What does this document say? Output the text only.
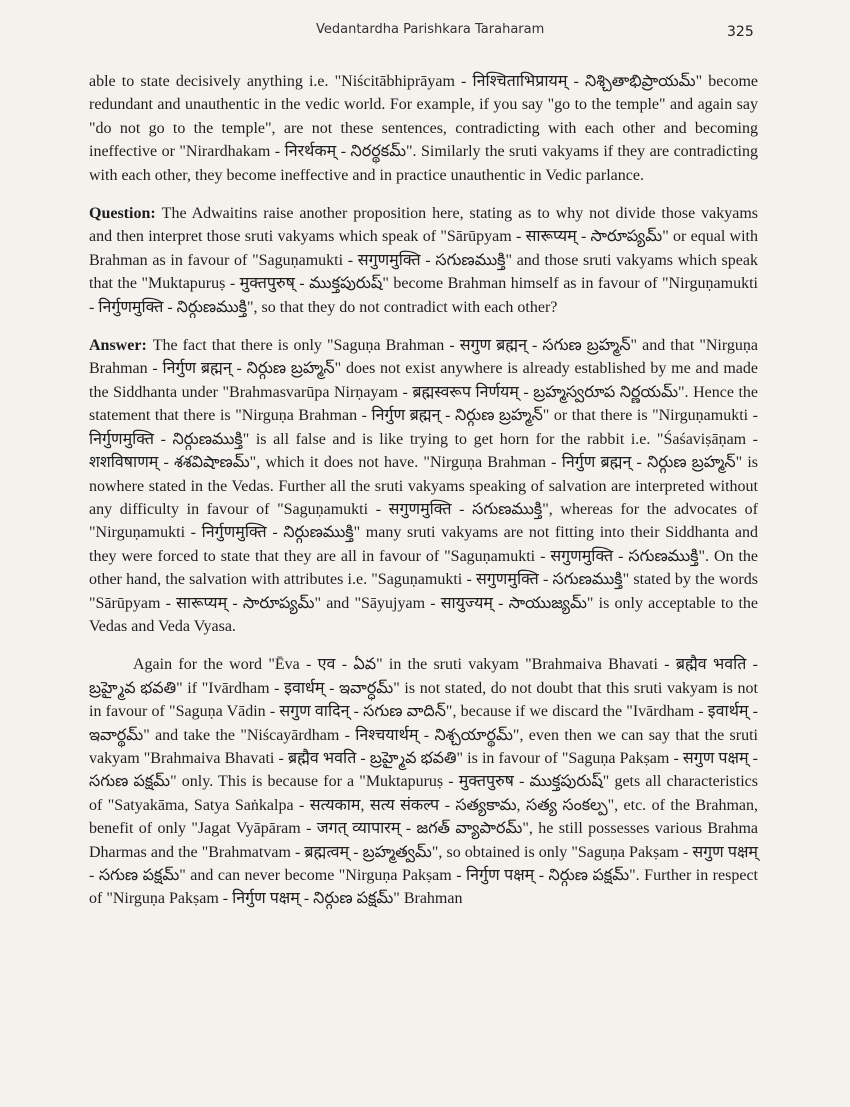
Vedantardha Parishkara Taraharam	325

able to state decisively anything i.e. "Niścitābhiprāyam - निश्चिताभिप्रायम् - నిశ్చితాభిప్రాయమ్" become redundant and unauthentic in the vedic world. For example, if you say "go to the temple" and again say "do not go to the temple", are not these sentences, contradicting with each other and becoming ineffective or "Nirardhakam - निरर्थकम् - నిరర్థకమ్". Similarly the sruti vakyams if they are contradicting with each other, they become ineffective and in practice unauthentic in Vedic parlance.

Question: The Adwaitins raise another proposition here, stating as to why not divide those vakyams and then interpret those sruti vakyams which speak of "Sārūpyam - सारूप्यम् - సారూప్యమ్" or equal with Brahman as in favour of "Saguṇamukti - सगुणमुक्ति - సగుణముక్తి" and those sruti vakyams which speak that the "Muktapuruṣ - मुक्तपुरुष् - ముక్తపురుష్" become Brahman himself as in favour of "Nirguṇamukti - निर्गुणमुक्ति - నిర్గుణముక్తి", so that they do not contradict with each other?

Answer: The fact that there is only "Saguṇa Brahman - सगुण ब्रह्मन् - సగుణ బ్రహ్మన్" and that "Nirguṇa Brahman - निर्गुण ब्रह्मन् - నిర్గుణ బ్రహ్మన్" does not exist anywhere is already established by me and made the Siddhanta under "Brahmasvarūpa Nirṇayam - ब्रह्मस्वरूप निर्णयम् - బ్రహ్మస్వరూప నిర్ణయమ్". Hence the statement that there is "Nirguṇa Brahman - निर्गुण ब्रह्मन् - నిర్గుణ బ్రహ్మన్" or that there is "Nirguṇamukti - निर्गुणमुक्ति - నిర్గుణముక్తి" is all false and is like trying to get horn for the rabbit i.e. "Śaśaviṣāṇam - शशविषाणम् - శశవిషాణమ్", which it does not have. "Nirguṇa Brahman - निर्गुण ब्रह्मन् - నిర్గుణ బ్రహ్మన్" is nowhere stated in the Vedas. Further all the sruti vakyams speaking of salvation are interpreted without any difficulty in favour of "Saguṇamukti - सगुणमुक्ति - సగుణముక్తి", whereas for the advocates of "Nirguṇamukti - निर्गुणमुक्ति - నిర్గుణముక్తి" many sruti vakyams are not fitting into their Siddhanta and they were forced to state that they are all in favour of "Saguṇamukti - सगुणमुक्ति - సగుణముక్తి". On the other hand, the salvation with attributes i.e. "Saguṇamukti - सगुणमुक्ति - సగుణముక్తి" stated by the words "Sārūpyam - सारूप्यम् - సారూప్యమ్" and "Sāyujyam - सायुज्यम् - సాయుజ్యమ్" is only acceptable to the Vedas and Veda Vyasa.

Again for the word "Ēva - एव - ఏవ" in the sruti vakyam "Brahmaiva Bhavati - ब्रह्मैव भवति - బ్రహ్మైవ భవతి" if "Ivārdham - इवार्धम् - ఇవార్ధమ్" is not stated, do not doubt that this sruti vakyam is not in favour of "Saguṇa Vādin - सगुण वादिन् - సగుణ వాదిన్", because if we discard the "Ivārdham - इवार्थम् - ఇవార్థమ్" and take the "Niścayārdham - निश्चयार्थम् - నిశ్చయార్థమ్", even then we can say that the sruti vakyam "Brahmaiva Bhavati - ब्रह्मैव भवति - బ్రహ్మైవ భవతి" is in favour of "Saguṇa Pakṣam - सगुण पक्षम् - సగుణ పక్షమ్" only. This is because for a "Muktapuruṣ - मुक्तपुरुष - ముక్తపురుష్" gets all characteristics of "Satyakāma, Satya Saṅkalpa - सत्यकाम, सत्य संकल्प - సత్యకామ, సత్య సంకల్ప", etc. of the Brahman, benefit of only "Jagat Vyāpāram - जगत् व्यापारम् - జగత్ వ్యాపారమ్", he still possesses various Brahma Dharmas and the "Brahmatvam - ब्रह्मत्वम् - బ్రహ్మత్వమ్", so obtained is only "Saguṇa Pakṣam - सगुण पक्षम् - సగుణ పక్షమ్" and can never become "Nirguṇa Pakṣam - निर्गुण पक्षम् - నిర్గుణ పక్షమ్". Further in respect of "Nirguṇa Pakṣam - निर्गुण पक्षम् - నిర్గుణ పక్షమ్" Brahman
